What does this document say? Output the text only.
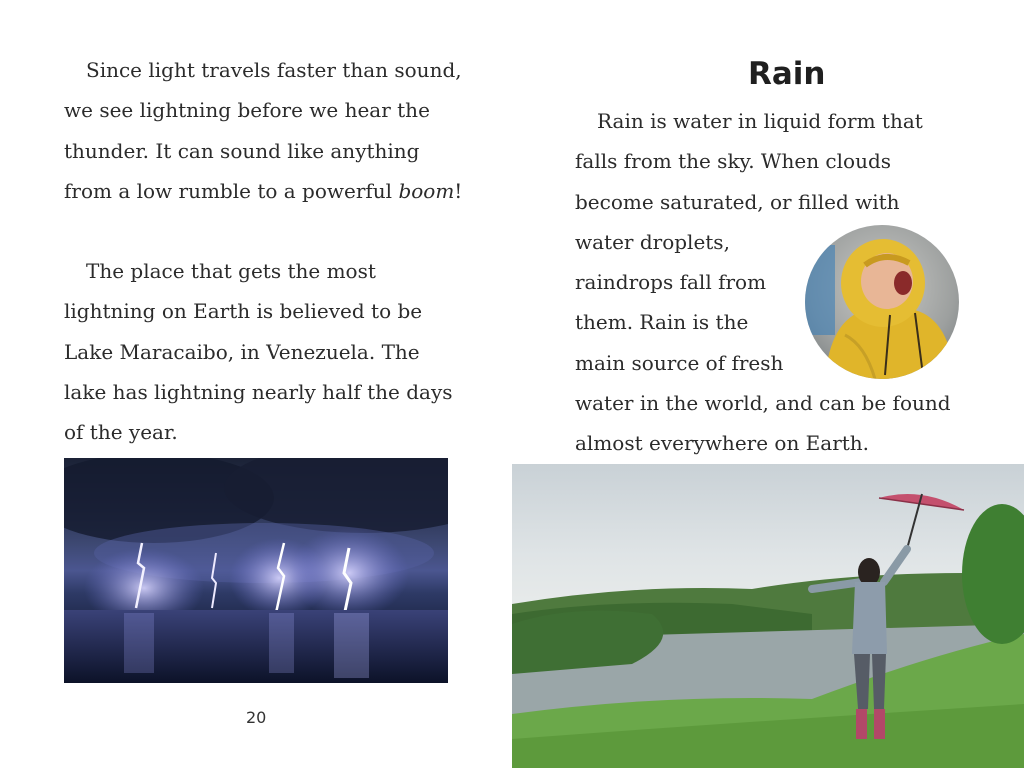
Since light travels faster than sound, we see lightning before we hear the thunder. It can sound like anything from a low rumble to a powerful boom!

The place that gets the most lightning on Earth is believed to be Lake Maracaibo, in Venezuela. The lake has lightning nearly half the days of the year.

20
Rain
Rain is water in liquid form that
falls from the sky. When clouds
become saturated, or filled with
water droplets,
raindrops fall from
them. Rain is the
main source of fresh
water in the world, and can be found
almost everywhere on Earth.
